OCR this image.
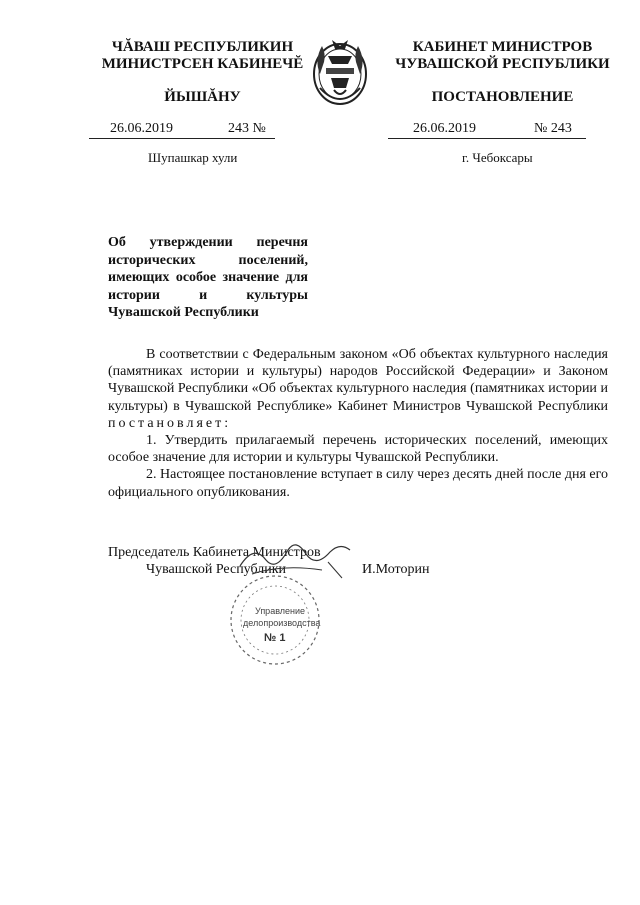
ЧĂВАШ РЕСПУБЛИКИН
МИНИСТРСЕН КАБИНЕЧĔ
ЙЫШĂНУ
КАБИНЕТ МИНИСТРОВ
ЧУВАШСКОЙ РЕСПУБЛИКИ
ПОСТАНОВЛЕНИЕ
26.06.2019	243 №	26.06.2019	№ 243
Шупашкар хули	г. Чебоксары
Об утверждении перечня исторических поселений, имеющих особое значение для истории и культуры Чувашской Республики

В соответствии с Федеральным законом «Об объектах культурного наследия (памятниках истории и культуры) народов Российской Федерации» и Законом Чувашской Республики «Об объектах культурного наследия (памятниках истории и культуры) в Чувашской Республике» Кабинет Министров Чувашской Республики постановляет:

1. Утвердить прилагаемый перечень исторических поселений, имеющих особое значение для истории и культуры Чувашской Республики.

2. Настоящее постановление вступает в силу через десять дней после дня его официального опубликования.

Председатель Кабинета Министров
Чувашской Республики	И.Моторин
Управление
делопроизводства
№ 1
